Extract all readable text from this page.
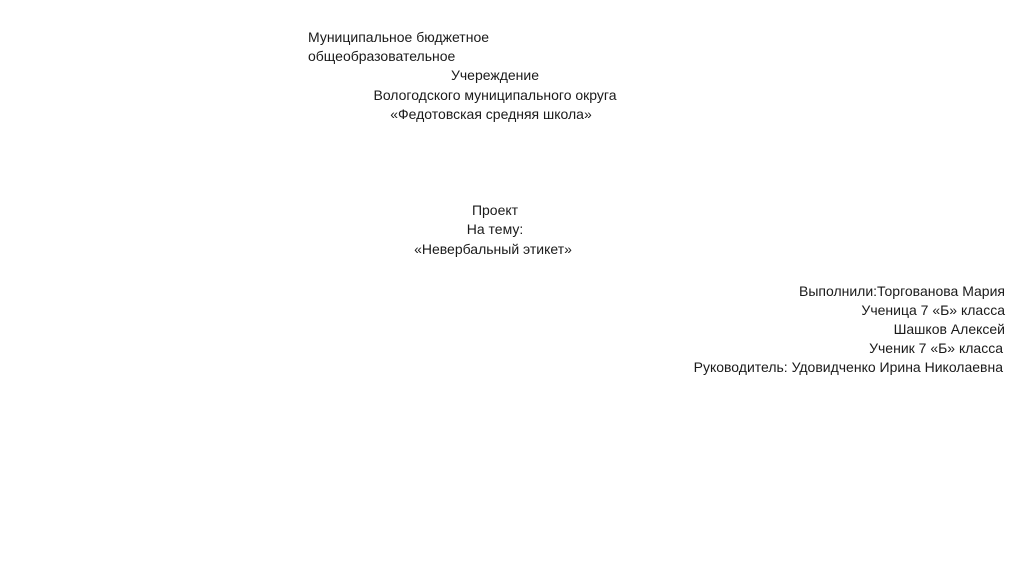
Муниципальное бюджетное
общеобразовательное
Учереждение
Вологодского муниципального округа
«Федотовская средняя школа»
Проект
На тему:
«Невербальный этикет»
Выполнили:Торгованова Мария
Ученица 7 «Б» класса
Шашков Алексей
Ученик 7 «Б» класса
Руководитель: Удовидченко Ирина Николаевна
